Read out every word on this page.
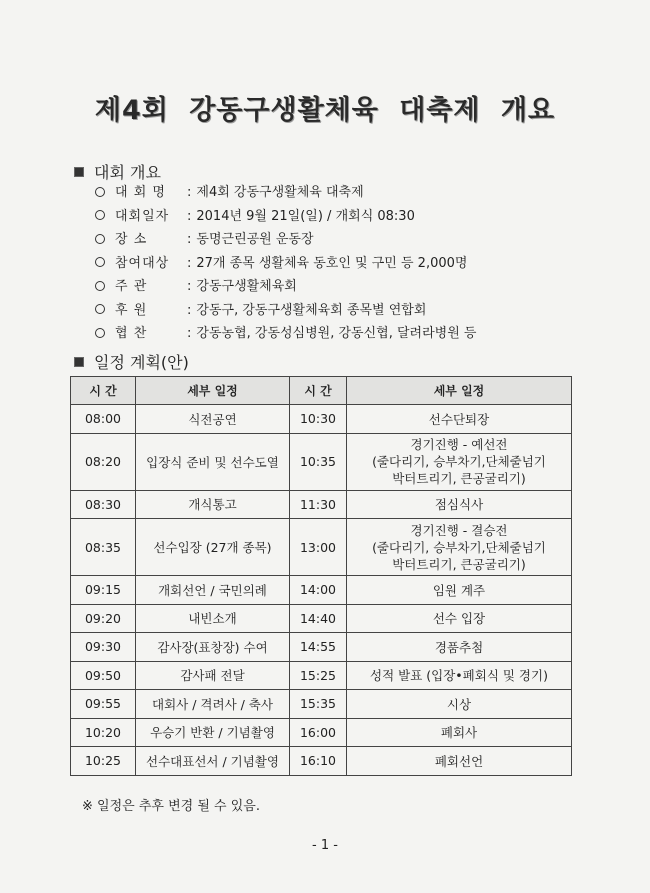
제4회 강동구생활체육 대축제 개요
대회 개요
대 회 명 : 제4회 강동구생활체육 대축제
대회일자 : 2014년 9월 21일(일) / 개회식 08:30
장 소	: 동명근린공원 운동장
참여대상 : 27개 종목 생활체육 동호인 및 구민 등 2,000명
주 관	: 강동구생활체육회
후 원	: 강동구, 강동구생활체육회 종목별 연합회
협 찬	: 강동농협, 강동성심병원, 강동신협, 달려라병원 등
일정 계획(안)
시 간	세부 일정	시 간	세부 일정
08:00	식전공연	10:30	선수단퇴장

08:20	입장식 준비 및 선수도열	10:35	경기진행 - 예선전
(줄다리기, 승부차기,단체줄넘기
박터트리기, 큰공굴리기)

08:30	개식통고	11:30	점심식사

08:35	선수입장 (27개 종목)	13:00	경기진행 - 결승전
(줄다리기, 승부차기,단체줄넘기
박터트리기, 큰공굴리기)

09:15	개회선언 / 국민의례	14:00	임원 계주

09:20	내빈소개	14:40	선수 입장

09:30	감사장(표창장) 수여	14:55	경품추첨

09:50	감사패 전달	15:25	성적 발표 (입장•폐회식 및 경기)

09:55	대회사 / 격려사 / 축사	15:35	시상

10:20	우승기 반환 / 기념촬영	16:00	폐회사

10:25	선수대표선서 / 기념촬영	16:10	폐회선언
※ 일정은 추후 변경 될 수 있음.
- 1 -
